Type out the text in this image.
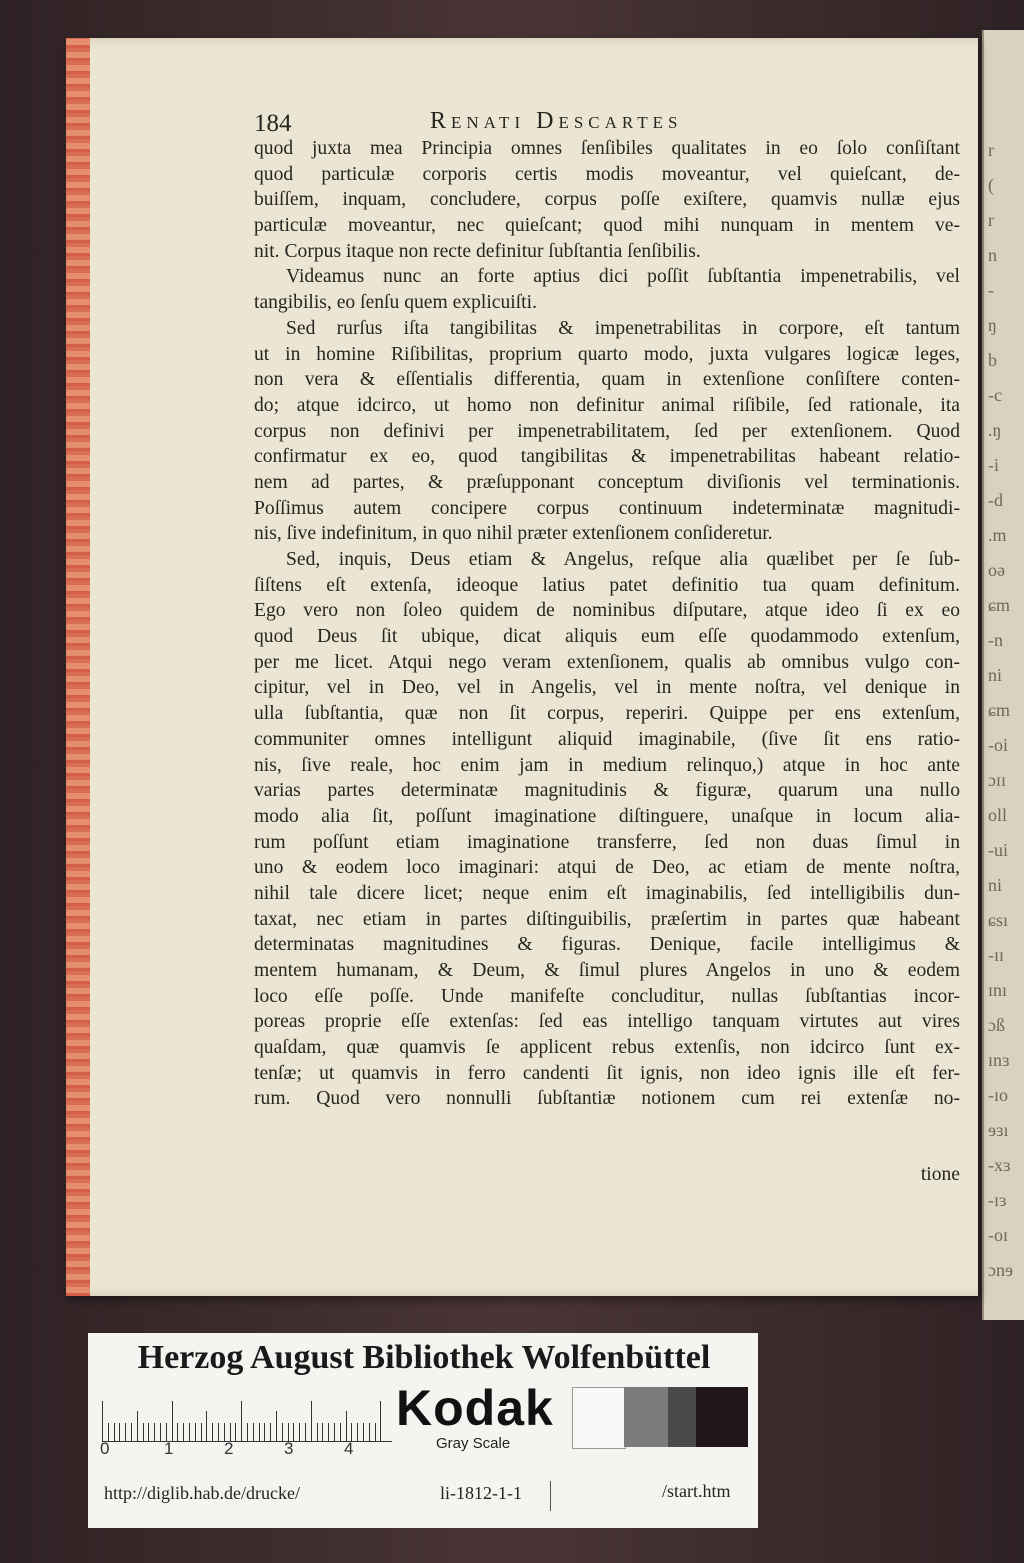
r
(
r
n
-
ŋ
b
-c
.ŋ
-i
-d
.m
oə
ɕm
-n
ni
ɕm
-oi
ɔɪɪ
oll
-ui
ni
ɕsı
-ɪɪ
ɪnı
ɔß
ɪnɜ
-ɪo
ɘɜı
-xɜ
-ɪɜ
-oɪ
ɔnɘ
184	Renati Descartes
quod juxta mea Principia omnes ſenſibiles qualitates in eo ſolo conſiſtant
quod particulæ corporis certis modis moveantur, vel quieſcant, de-
buiſſem, inquam, concludere, corpus poſſe exiſtere, quamvis nullæ ejus
particulæ moveantur, nec quieſcant; quod mihi nunquam in mentem ve-
nit. Corpus itaque non recte definitur ſubſtantia ſenſibilis.
Videamus nunc an forte aptius dici poſſit ſubſtantia impenetrabilis, vel
tangibilis, eo ſenſu quem explicuiſti.
Sed rurſus iſta tangibilitas & impenetrabilitas in corpore, eſt tantum
ut in homine Riſibilitas, proprium quarto modo, juxta vulgares logicæ leges,
non vera & eſſentialis differentia, quam in extenſione conſiſtere conten-
do; atque idcirco, ut homo non definitur animal riſibile, ſed rationale, ita
corpus non definivi per impenetrabilitatem, ſed per extenſionem. Quod
confirmatur ex eo, quod tangibilitas & impenetrabilitas habeant relatio-
nem ad partes, & præſupponant conceptum diviſionis vel terminationis.
Poſſimus autem concipere corpus continuum indeterminatæ magnitudi-
nis, ſive indefinitum, in quo nihil præter extenſionem conſideretur.
Sed, inquis, Deus etiam & Angelus, reſque alia quælibet per ſe ſub-
ſiſtens eſt extenſa, ideoque latius patet definitio tua quam definitum.
Ego vero non ſoleo quidem de nominibus diſputare, atque ideo ſi ex eo
quod Deus ſit ubique, dicat aliquis eum eſſe quodammodo extenſum,
per me licet. Atqui nego veram extenſionem, qualis ab omnibus vulgo con-
cipitur, vel in Deo, vel in Angelis, vel in mente noſtra, vel denique in
ulla ſubſtantia, quæ non ſit corpus, reperiri. Quippe per ens extenſum,
communiter omnes intelligunt aliquid imaginabile, (ſive ſit ens ratio-
nis, ſive reale, hoc enim jam in medium relinquo,) atque in hoc ante
varias partes determinatæ magnitudinis & figuræ, quarum una nullo
modo alia ſit, poſſunt imaginatione diſtinguere, unaſque in locum alia-
rum poſſunt etiam imaginatione transferre, ſed non duas ſimul in
uno & eodem loco imaginari: atqui de Deo, ac etiam de mente noſtra,
nihil tale dicere licet; neque enim eſt imaginabilis, ſed intelligibilis dun-
taxat, nec etiam in partes diſtinguibilis, præſertim in partes quæ habeant
determinatas magnitudines & figuras. Denique, facile intelligimus &
mentem humanam, & Deum, & ſimul plures Angelos in uno & eodem
loco eſſe poſſe. Unde manifeſte concluditur, nullas ſubſtantias incor-
poreas proprie eſſe extenſas: ſed eas intelligo tanquam virtutes aut vires
quaſdam, quæ quamvis ſe applicent rebus extenſis, non idcirco ſunt ex-
tenſæ; ut quamvis in ferro candenti ſit ignis, non ideo ignis ille eſt fer-
rum. Quod vero nonnulli ſubſtantiæ notionem cum rei extenſæ no-
tione
Herzog August Bibliothek Wolfenbüttel
0	1	2	3	4
Kodak
Gray Scale
http://diglib.hab.de/drucke/	li-1812-1-1	/start.htm
